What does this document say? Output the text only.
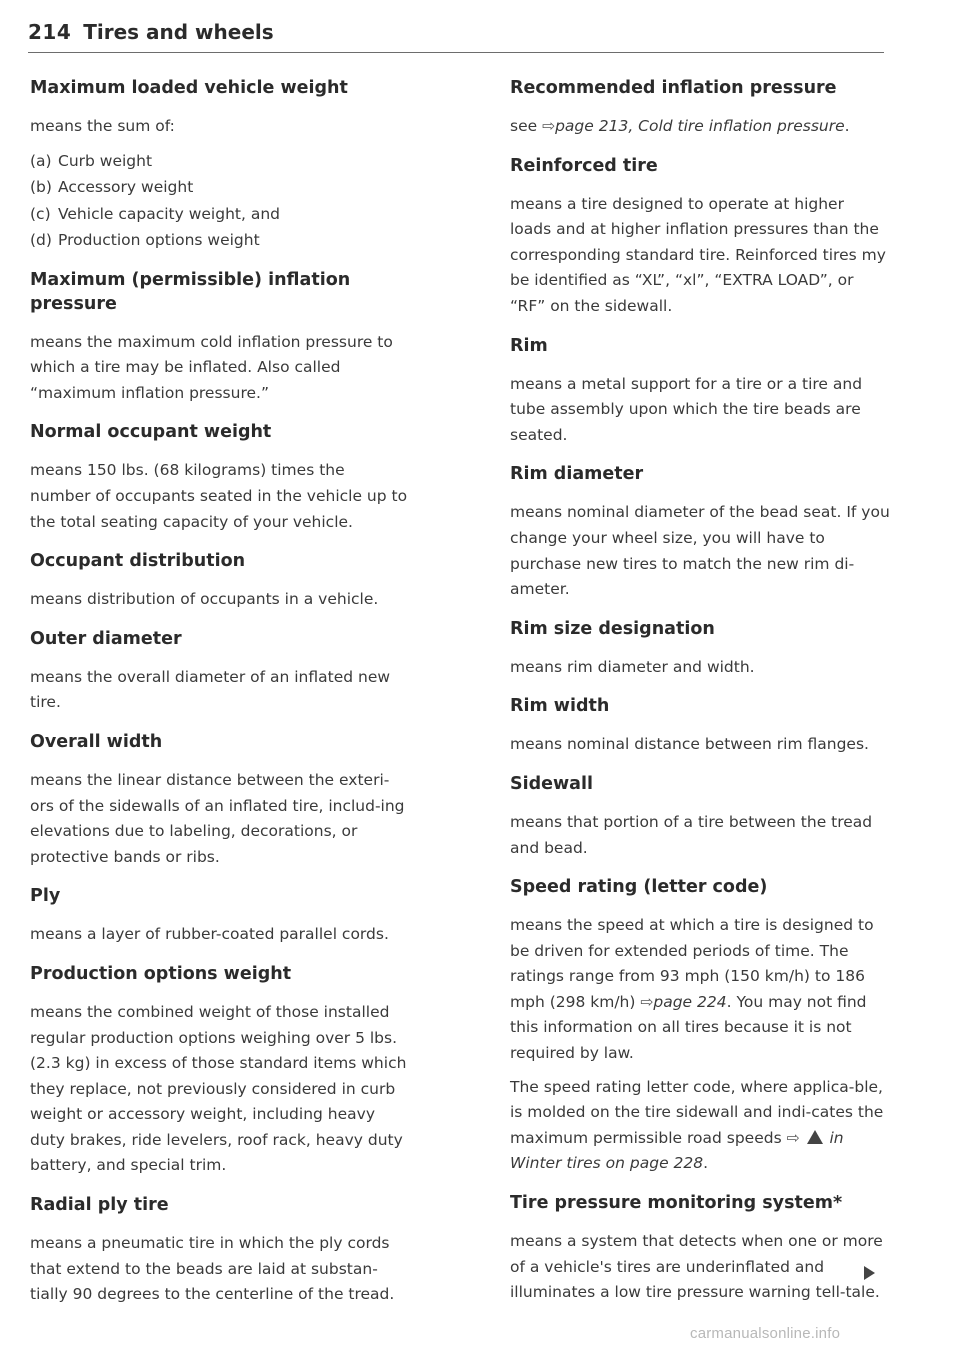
214 Tires and wheels
Maximum loaded vehicle weight
means the sum of:
(a) Curb weight
(b) Accessory weight
(c) Vehicle capacity weight, and
(d) Production options weight
Maximum (permissible) inflation pressure
means the maximum cold inflation pressure to which a tire may be inflated. Also called “maximum inflation pressure.”
Normal occupant weight
means 150 lbs. (68 kilograms) times the number of occupants seated in the vehicle up to the total seating capacity of your vehicle.
Occupant distribution
means distribution of occupants in a vehicle.
Outer diameter
means the overall diameter of an inflated new tire.
Overall width
means the linear distance between the exteri-ors of the sidewalls of an inflated tire, includ-ing elevations due to labeling, decorations, or protective bands or ribs.
Ply
means a layer of rubber-coated parallel cords.
Production options weight
means the combined weight of those installed regular production options weighing over 5 lbs. (2.3 kg) in excess of those standard items which they replace, not previously considered in curb weight or accessory weight, including heavy duty brakes, ride levelers, roof rack, heavy duty battery, and special trim.
Radial ply tire
means a pneumatic tire in which the ply cords that extend to the beads are laid at substan-tially 90 degrees to the centerline of the tread.
Recommended inflation pressure
see ⇨page 213, Cold tire inflation pressure.
Reinforced tire
means a tire designed to operate at higher loads and at higher inflation pressures than the corresponding standard tire. Reinforced tires my be identified as “XL”, “xl”, “EXTRA LOAD”, or “RF” on the sidewall.
Rim
means a metal support for a tire or a tire and tube assembly upon which the tire beads are seated.
Rim diameter
means nominal diameter of the bead seat. If you change your wheel size, you will have to purchase new tires to match the new rim di-ameter.
Rim size designation
means rim diameter and width.
Rim width
means nominal distance between rim flanges.
Sidewall
means that portion of a tire between the tread and bead.
Speed rating (letter code)
means the speed at which a tire is designed to be driven for extended periods of time. The ratings range from 93 mph (150 km/h) to 186 mph (298 km/h) ⇨page 224. You may not find this information on all tires because it is not required by law.
The speed rating letter code, where applica-ble, is molded on the tire sidewall and indi-cates the maximum permissible road speeds ⇨ in Winter tires on page 228.
Tire pressure monitoring system*
means a system that detects when one or more of a vehicle's tires are underinflated and illuminates a low tire pressure warning tell-tale.
carmanualsonline.info
